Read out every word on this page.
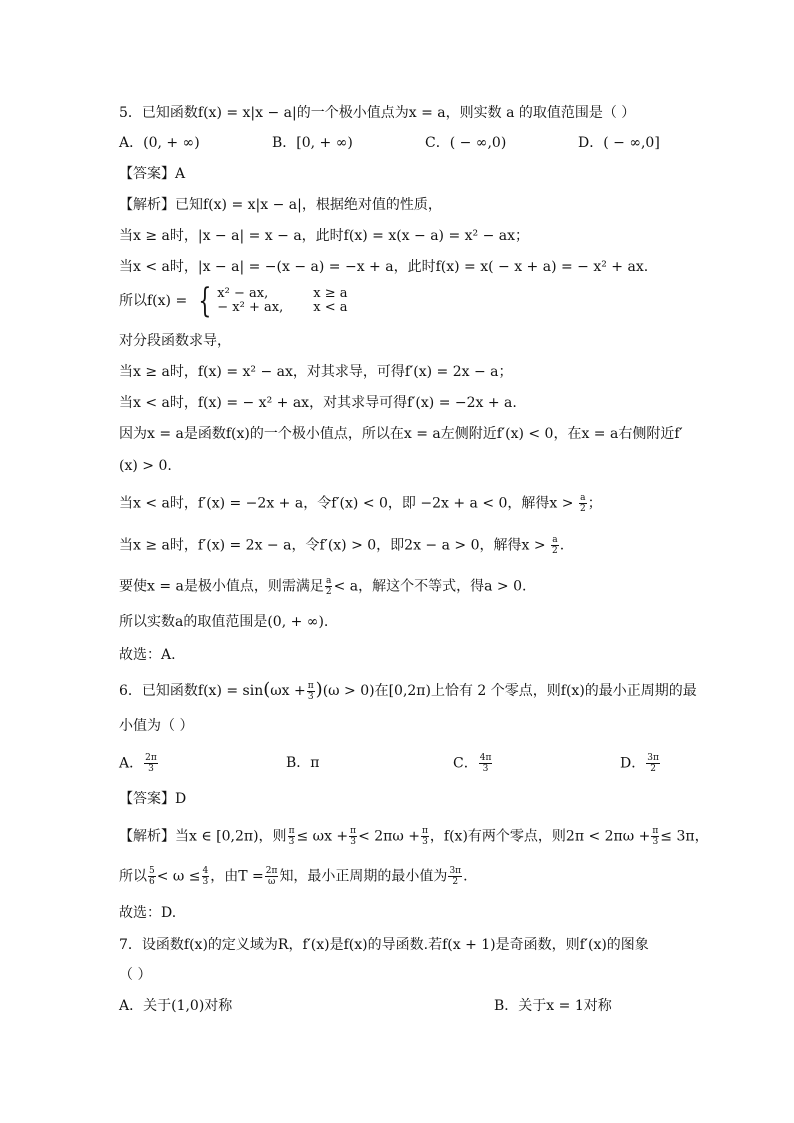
5．已知函数f(x) = x|x − a|的一个极小值点为x = a，则实数 a 的取值范围是（ ）
A．(0, + ∞)	B．[0, + ∞)	C．( − ∞,0)	D．( − ∞,0]
【答案】A
【解析】已知f(x) = x|x − a|，根据绝对值的性质，
当x ≥ a时，|x − a| = x − a，此时f(x) = x(x − a) = x² − ax；
当x < a时，|x − a| = −(x − a) = −x + a，此时f(x) = x( − x + a) = − x² + ax.
所以f(x) = { x² − ax,	x ≥ a
− x² + ax,	x < a
对分段函数求导，
当x ≥ a时，f(x) = x² − ax，对其求导，可得f′(x) = 2x − a；
当x < a时，f(x) = − x² + ax，对其求导可得f′(x) = −2x + a.
因为x = a是函数f(x)的一个极小值点，所以在x = a左侧附近f′(x) < 0，在x = a右侧附近f′
(x) > 0.
当x < a时，f′(x) = −2x + a，令f′(x) < 0，即 −2x + a < 0，解得$x > \frac{a}{2}$ ；
当x ≥ a时，f′(x) = 2x − a，令f′(x) > 0，即2x − a > 0，解得$x > \frac{a}{2}$ .
要使x = a是极小值点，则需满足 $\frac{a}{2} < a$，解这个不等式，得a > 0.
所以实数a的取值范围是(0, + ∞).
故选：A.
6．已知函数$f(x) = \sin(\omega x + \frac{\pi}{3} )(\omega > 0)$在[0,2π)上恰有 2 个零点，则f(x)的最小正周期的最
小值为（ ）
A． $\frac{2\pi}{3}$	B．π	C． $\frac{4\pi}{3}$	D． $\frac{3\pi}{2}$
【答案】D
【解析】当x ∈ [0,2π)，则 $\frac{\pi}{3} \le \omega x + \frac{\pi}{3} < 2\pi\omega + \frac{\pi}{3}$ ，f(x)有两个零点，则$2\pi < 2\pi\omega + \frac{\pi}{3} \le 3\pi$，
所以 $\frac{5}{6} < \omega \le \frac{4}{3}$ ，由$T = \frac{2\pi}{\omega}$ 知，最小正周期的最小值为 $\frac{3\pi}{2}$ .
故选：D.
7．设函数f(x)的定义域为R，f′(x)是f(x)的导函数.若f(x + 1)是奇函数，则f′(x)的图象
（ ）
A．关于(1,0)对称	B．关于x = 1对称
